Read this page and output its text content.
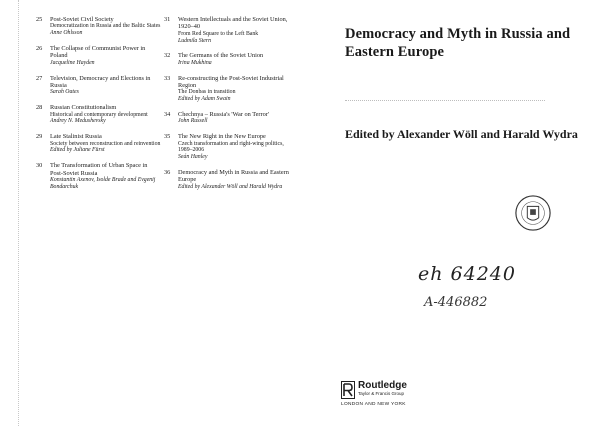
25 Post-Soviet Civil Society
Democratization in Russia and the Baltic States
Anne Ohlsson
26 The Collapse of Communist Power in Poland
Jacqueline Hayden
27 Television, Democracy and Elections in Russia
Sarah Oates
28 Russian Constitutionalism
Historical and contemporary development
Andrey N. Medushevsky
29 Late Stalinist Russia
Society between reconstruction and reinvention
Edited by Juliane Fürst
30 The Transformation of Urban Space in Post-Soviet Russia
Konstantin Axenov, Isolde Brade and Evgenij Bondarchuk
31 Western Intellectuals and the Soviet Union, 1920–40
From Red Square to the Left Bank
Ludmila Stern
32 The Germans of the Soviet Union
Irina Mukhina
33 Re-constructing the Post-Soviet Industrial Region
The Donbas in transition
Edited by Adam Swain
34 Chechnya – Russia's 'War on Terror'
John Russell
35 The New Right in the New Europe
Czech transformation and right-wing politics, 1989–2006
Seán Hanley
36 Democracy and Myth in Russia and Eastern Europe
Edited by Alexander Wöll and Harald Wydra
Democracy and Myth in Russia and Eastern Europe
Edited by Alexander Wöll and Harald Wydra
eh 64240
A-446882
Routledge
Taylor & Francis Group
LONDON AND NEW YORK
